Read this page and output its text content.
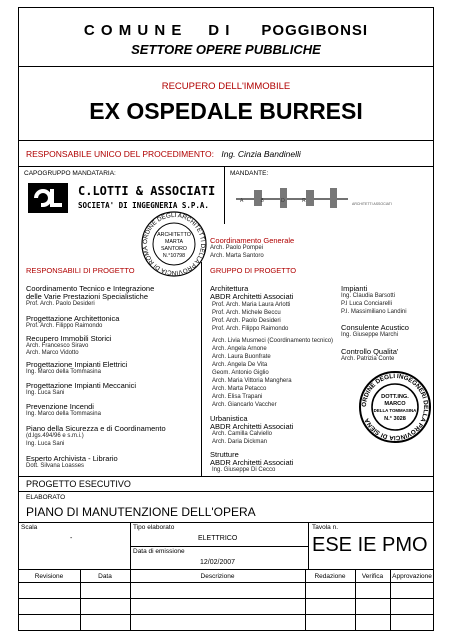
C O M U N E     D I      POGGIBONSI
SETTORE OPERE PUBBLICHE
RECUPERO DELL'IMMOBILE
EX OSPEDALE BURRESI
RESPONSABILE UNICO DEL PROCEDIMENTO: Ing. Cinzia Bandinelli
CAPOGRUPPO MANDATARIA:	MANDANTE:
C.LOTTI & ASSOCIATI
SOCIETA' DI INGEGNERIA S.P.A.	A B D R	ARCHITETTI ASSOCIATI
ORDINE DEGLI ARCHITETTI DELLA PROVINCIA DI ROMA
ARCHITETTO
MARTA
SANTORO
N.°10798
Coordinamento Generale
Arch. Paolo Pompei
Arch. Marta Santoro
RESPONSABILI DI PROGETTO
Coordinamento Tecnico e Integrazione
delle Varie Prestazioni Specialistiche
Prof. Arch. Paolo Desideri
Progettazione Architettonica
Prof. Arch. Filippo Raimondo
Recupero Immobili Storici
Arch. Francesco Siravo
Arch. Marco Vidotto
Progettazione Impianti Elettrici
Ing. Marco della Tommasina
Progettazione Impianti Meccanici
Ing. Luca Sani
Prevenzione Incendi
Ing. Marco della Tommasina
Piano della Sicurezza e di Coordinamento
(d.lgs.494/96 e s.m.i.)
Ing. Luca Sani
Esperto Archivista - Librario
Dott. Silvana Loasses
GRUPPO DI PROGETTO
Architettura
ABDR Architetti Associati
Prof. Arch. Maria Laura Arlotti
Prof. Arch. Michele Beccu
Prof. Arch. Paolo Desideri
Prof. Arch. Filippo Raimondo
Arch. Livia Musmeci (Coordinamento tecnico)
Arch. Angela Arnone
Arch. Laura Buonfrate
Arch. Angela De Vita
Geom. Antonio Giglio
Arch. Maria Vittoria Manghera
Arch. Marta Petacco
Arch. Elisa Trapani
Arch. Giancarlo Vaccher
Urbanistica
ABDR Architetti Associati
Arch. Camilla Calviello
Arch. Daria Dickman
Strutture
ABDR Architetti Associati
Ing. Giuseppe Di Cecco
Impianti
Ing. Claudia Barsotti
P.I Luca Conciarelli
P.I. Massimiliano Landini
Consulente Acustico
Ing. Giuseppe Marchi
Controllo Qualita'
Arch. Patrizia Conte
ORDINE DEGLI INGEGNERI DELLA PROVINCIA DI SIENA
DOTT.ING.
MARCO
DELLA TOMMASINA
N.° 3028
PROGETTO ESECUTIVO
ELABORATO
PIANO DI MANUTENZIONE DELL'OPERA
Scala
-
Tipo elaborato
ELETTRICO
Data di emissione
12/02/2007
Tavola n.
ESE IE PMO
Revisione	Data	Descrizione	Redazione	Verifica	Approvazione
